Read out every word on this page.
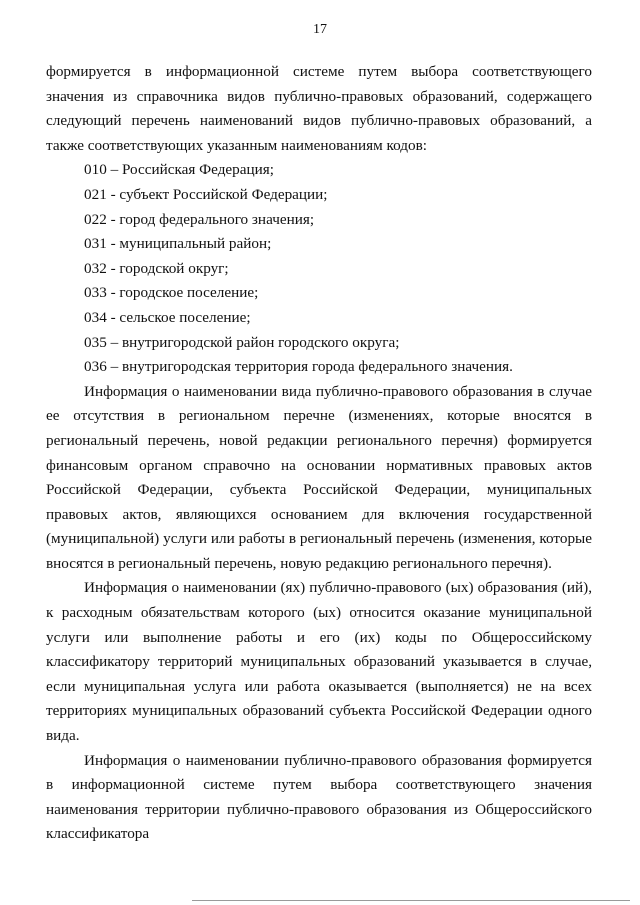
17

формируется в информационной системе путем выбора соответствующего значения из справочника видов публично-правовых образований, содержащего следующий перечень наименований видов публично-правовых образований, а также соответствующих указанным наименованиям кодов:

010 – Российская Федерация;
021 - субъект Российской Федерации;
022 - город федерального значения;
031 - муниципальный район;
032 - городской округ;
033 - городское поселение;
034 - сельское поселение;
035 – внутригородской район городского округа;
036 – внутригородская территория города федерального значения.

Информация о наименовании вида публично-правового образования в случае ее отсутствия в региональном перечне (изменениях, которые вносятся в региональный перечень, новой редакции регионального перечня) формируется финансовым органом справочно на основании нормативных правовых актов Российской Федерации, субъекта Российской Федерации, муниципальных правовых актов, являющихся основанием для включения государственной (муниципальной) услуги или работы в региональный перечень (изменения, которые вносятся в региональный перечень, новую редакцию регионального перечня).

Информация о наименовании (ях) публично-правового (ых) образования (ий), к расходным обязательствам которого (ых) относится оказание муниципальной услуги или выполнение работы и его (их) коды по Общероссийскому классификатору территорий муниципальных образований указывается в случае, если муниципальная услуга или работа оказывается (выполняется) не на всех территориях муниципальных образований субъекта Российской Федерации одного вида.

Информация о наименовании публично-правового образования формируется в информационной системе путем выбора соответствующего значения наименования территории публично-правового образования из Общероссийского классификатора
